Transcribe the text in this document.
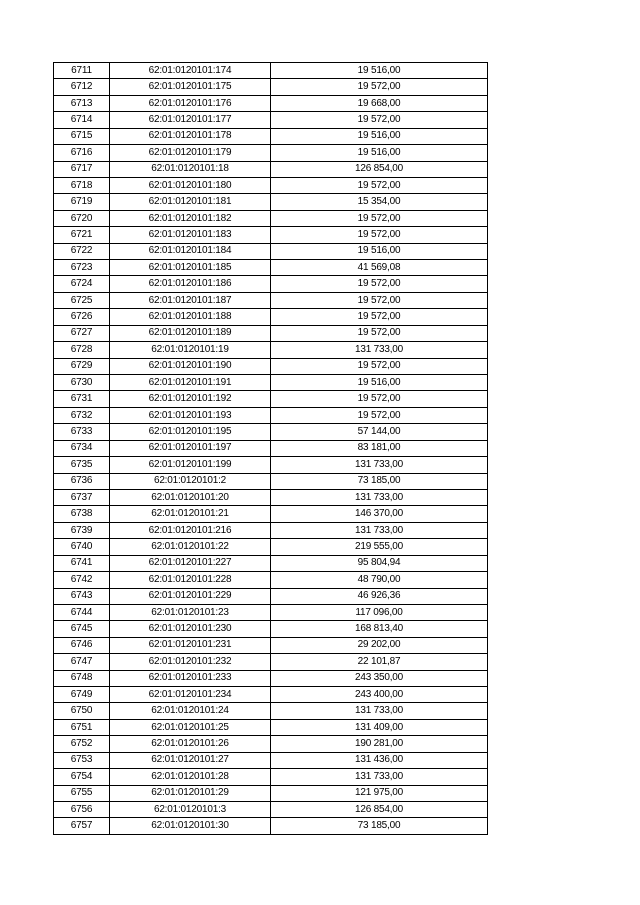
6711	62:01:0120101:174	19 516,00
6712	62:01:0120101:175	19 572,00
6713	62:01:0120101:176	19 668,00
6714	62:01:0120101:177	19 572,00
6715	62:01:0120101:178	19 516,00
6716	62:01:0120101:179	19 516,00
6717	62:01:0120101:18	126 854,00
6718	62:01:0120101:180	19 572,00
6719	62:01:0120101:181	15 354,00
6720	62:01:0120101:182	19 572,00
6721	62:01:0120101:183	19 572,00
6722	62:01:0120101:184	19 516,00
6723	62:01:0120101:185	41 569,08
6724	62:01:0120101:186	19 572,00
6725	62:01:0120101:187	19 572,00
6726	62:01:0120101:188	19 572,00
6727	62:01:0120101:189	19 572,00
6728	62:01:0120101:19	131 733,00
6729	62:01:0120101:190	19 572,00
6730	62:01:0120101:191	19 516,00
6731	62:01:0120101:192	19 572,00
6732	62:01:0120101:193	19 572,00
6733	62:01:0120101:195	57 144,00
6734	62:01:0120101:197	83 181,00
6735	62:01:0120101:199	131 733,00
6736	62:01:0120101:2	73 185,00
6737	62:01:0120101:20	131 733,00
6738	62:01:0120101:21	146 370,00
6739	62:01:0120101:216	131 733,00
6740	62:01:0120101:22	219 555,00
6741	62:01:0120101:227	95 804,94
6742	62:01:0120101:228	48 790,00
6743	62:01:0120101:229	46 926,36
6744	62:01:0120101:23	117 096,00
6745	62:01:0120101:230	168 813,40
6746	62:01:0120101:231	29 202,00
6747	62:01:0120101:232	22 101,87
6748	62:01:0120101:233	243 350,00
6749	62:01:0120101:234	243 400,00
6750	62:01:0120101:24	131 733,00
6751	62:01:0120101:25	131 409,00
6752	62:01:0120101:26	190 281,00
6753	62:01:0120101:27	131 436,00
6754	62:01:0120101:28	131 733,00
6755	62:01:0120101:29	121 975,00
6756	62:01:0120101:3	126 854,00
6757	62:01:0120101:30	73 185,00
